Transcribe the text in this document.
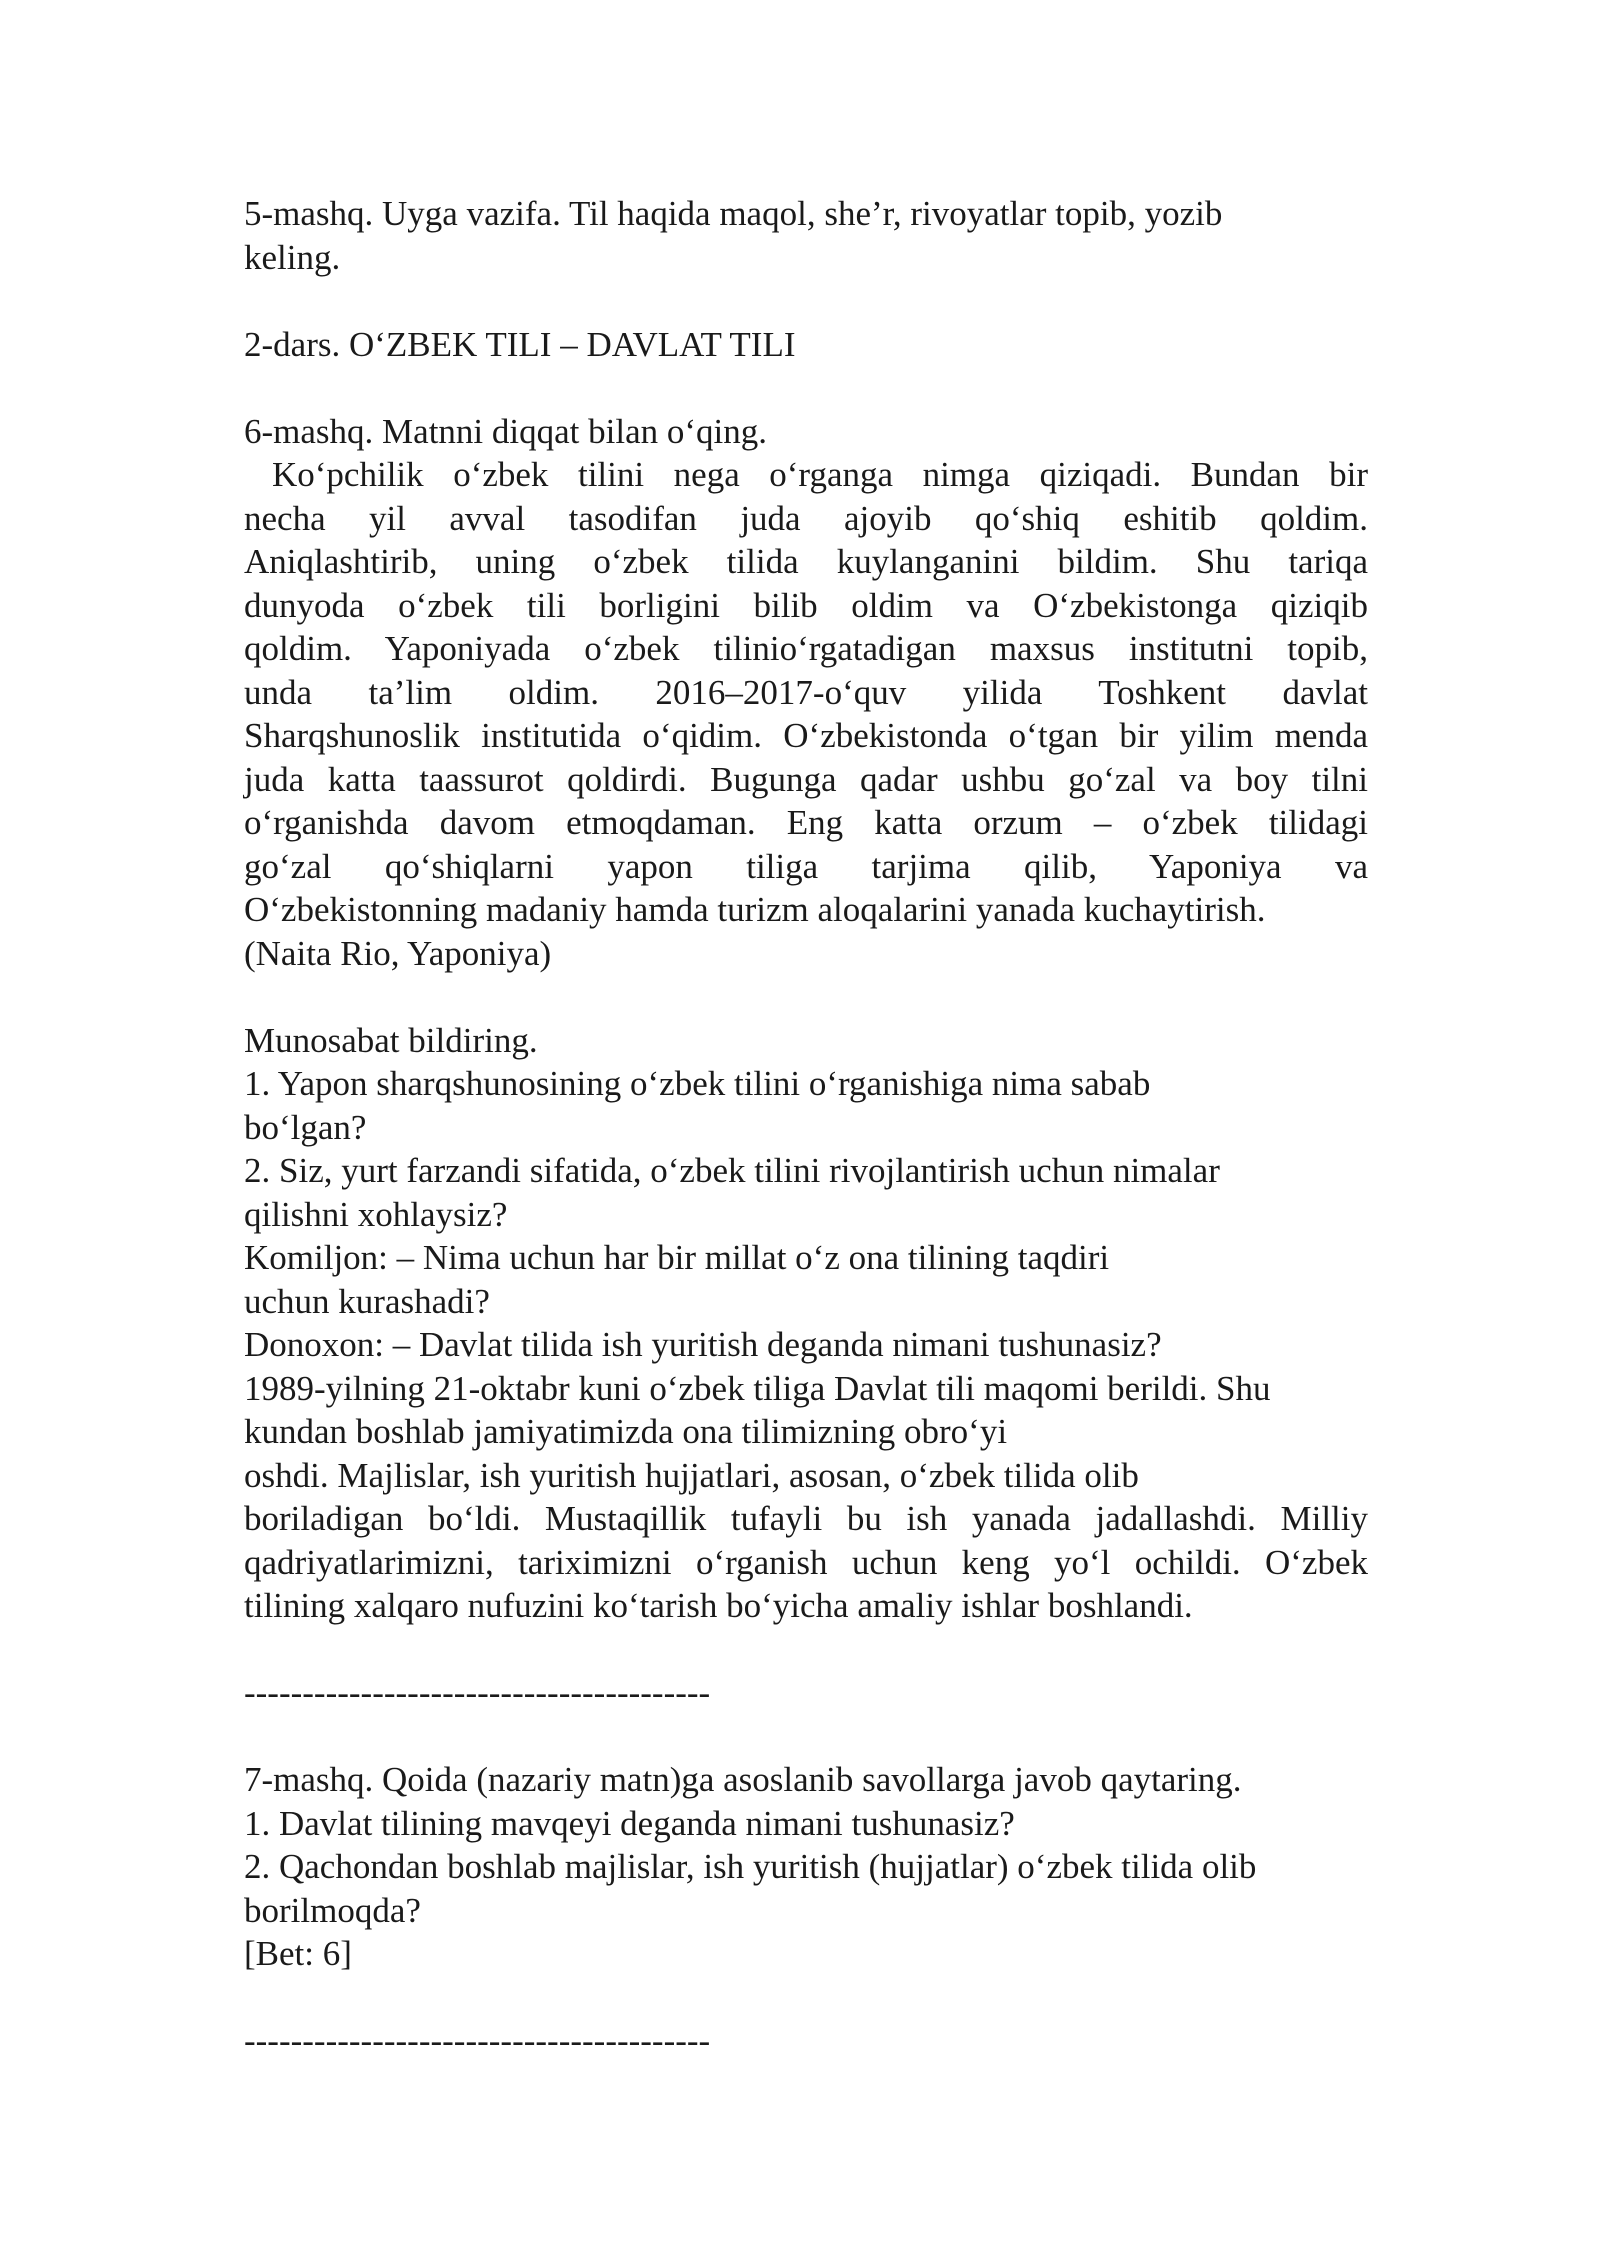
5-mashq. Uyga vazifa. Til haqida maqol, she’r, rivoyatlar topib, yozib
keling.
2-dars. O‘ZBEK TILI – DAVLAT TILI
6-mashq. Matnni diqqat bilan o‘qing.
Ko‘pchilik o‘zbek tilini nega o‘rganga nimga qiziqadi. Bundan bir
necha yil avval tasodifan juda ajoyib qo‘shiq eshitib qoldim.
Aniqlashtirib, uning o‘zbek tilida kuylanganini bildim. Shu tariqa
dunyoda o‘zbek tili borligini bilib oldim va O‘zbekistonga qiziqib
qoldim. Yaponiyada o‘zbek tilinio‘rgatadigan maxsus institutni topib,
unda ta’lim oldim. 2016–2017-o‘quv yilida Toshkent davlat
Sharqshunoslik institutida o‘qidim. O‘zbekistonda o‘tgan bir yilim menda
juda katta taassurot qoldirdi. Bugunga qadar ushbu go‘zal va boy tilni
o‘rganishda davom etmoqdaman. Eng katta orzum – o‘zbek tilidagi
go‘zal qo‘shiqlarni yapon tiliga tarjima qilib, Yaponiya va
O‘zbekistonning madaniy hamda turizm aloqalarini yanada kuchaytirish.
(Naita Rio, Yaponiya)
Munosabat bildiring.
1. Yapon sharqshunosining o‘zbek tilini o‘rganishiga nima sabab
bo‘lgan?
2. Siz, yurt farzandi sifatida, o‘zbek tilini rivojlantirish uchun nimalar
qilishni xohlaysiz?
Komiljon: – Nima uchun har bir millat o‘z ona tilining taqdiri
uchun kurashadi?
Donoxon: – Davlat tilida ish yuritish deganda nimani tushunasiz?
1989-yilning 21-oktabr kuni o‘zbek tiliga Davlat tili maqomi berildi. Shu
kundan boshlab jamiyatimizda ona tilimizning obro‘yi
oshdi. Majlislar, ish yuritish hujjatlari, asosan, o‘zbek tilida olib
boriladigan bo‘ldi. Mustaqillik tufayli bu ish yanada jadallashdi. Milliy
qadriyatlarimizni, tariximizni o‘rganish uchun keng yo‘l ochildi. O‘zbek
tilining xalqaro nufuzini ko‘tarish bo‘yicha amaliy ishlar boshlandi.
----------------------------------------
7-mashq. Qoida (nazariy matn)ga asoslanib savollarga javob qaytaring.
1. Davlat tilining mavqeyi deganda nimani tushunasiz?
2. Qachondan boshlab majlislar, ish yuritish (hujjatlar) o‘zbek tilida olib
borilmoqda?
[Bet: 6]
----------------------------------------
